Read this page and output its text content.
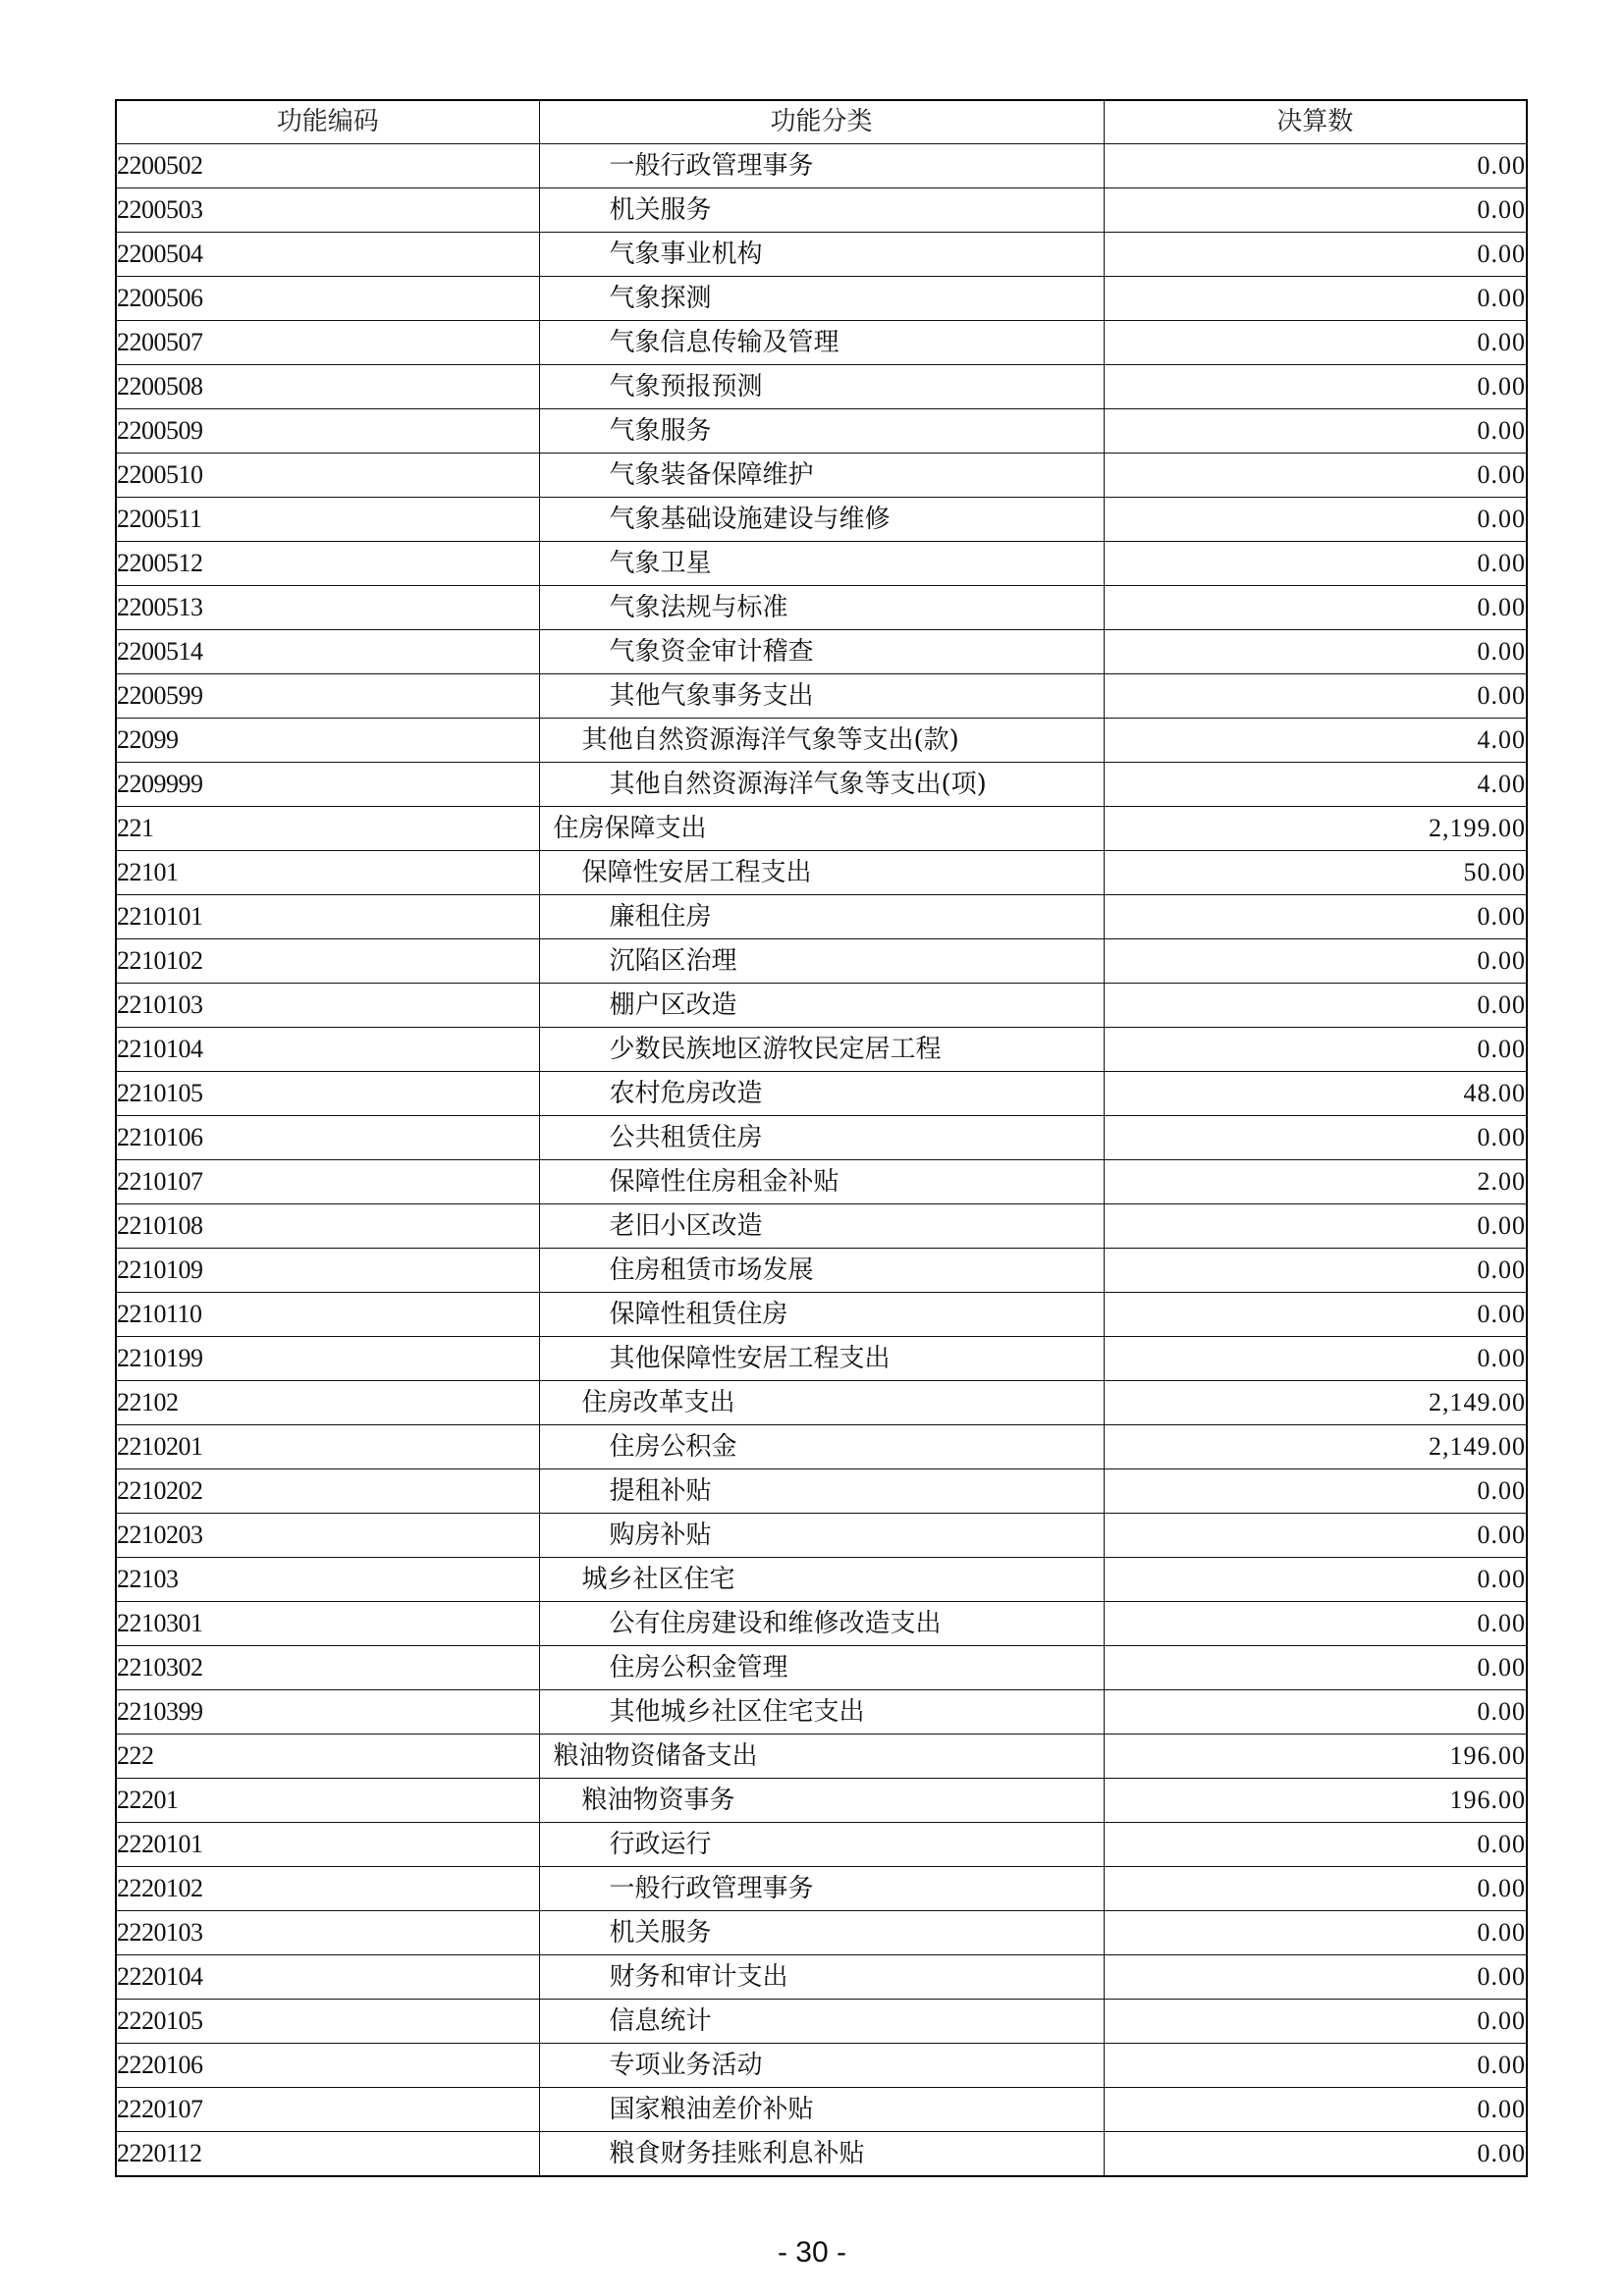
功能编码	功能分类	决算数
2200502	一般行政管理事务	0.00
2200503	机关服务	0.00
2200504	气象事业机构	0.00
2200506	气象探测	0.00
2200507	气象信息传输及管理	0.00
2200508	气象预报预测	0.00
2200509	气象服务	0.00
2200510	气象装备保障维护	0.00
2200511	气象基础设施建设与维修	0.00
2200512	气象卫星	0.00
2200513	气象法规与标准	0.00
2200514	气象资金审计稽查	0.00
2200599	其他气象事务支出	0.00
22099	其他自然资源海洋气象等支出(款)	4.00
2209999	其他自然资源海洋气象等支出(项)	4.00
221	住房保障支出	2,199.00
22101	保障性安居工程支出	50.00
2210101	廉租住房	0.00
2210102	沉陷区治理	0.00
2210103	棚户区改造	0.00
2210104	少数民族地区游牧民定居工程	0.00
2210105	农村危房改造	48.00
2210106	公共租赁住房	0.00
2210107	保障性住房租金补贴	2.00
2210108	老旧小区改造	0.00
2210109	住房租赁市场发展	0.00
2210110	保障性租赁住房	0.00
2210199	其他保障性安居工程支出	0.00
22102	住房改革支出	2,149.00
2210201	住房公积金	2,149.00
2210202	提租补贴	0.00
2210203	购房补贴	0.00
22103	城乡社区住宅	0.00
2210301	公有住房建设和维修改造支出	0.00
2210302	住房公积金管理	0.00
2210399	其他城乡社区住宅支出	0.00
222	粮油物资储备支出	196.00
22201	粮油物资事务	196.00
2220101	行政运行	0.00
2220102	一般行政管理事务	0.00
2220103	机关服务	0.00
2220104	财务和审计支出	0.00
2220105	信息统计	0.00
2220106	专项业务活动	0.00
2220107	国家粮油差价补贴	0.00
2220112	粮食财务挂账利息补贴	0.00
- 30 -
